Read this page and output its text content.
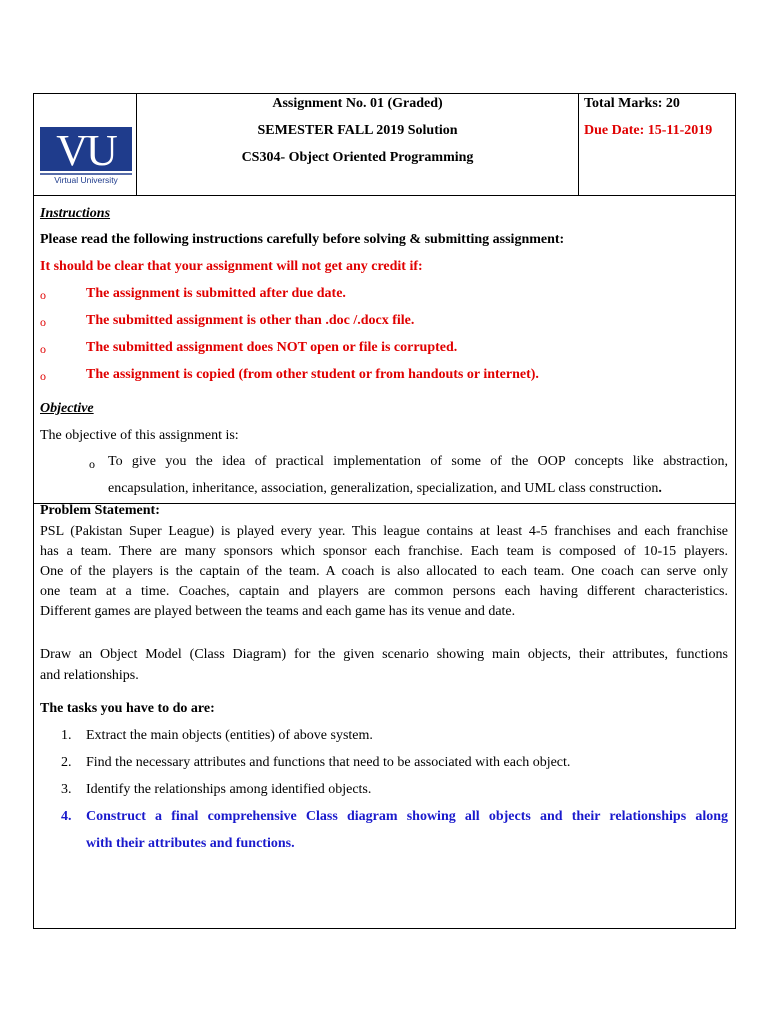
VU
Virtual University
Assignment No. 01 (Graded)
SEMESTER FALL 2019 Solution
CS304- Object Oriented Programming
Total Marks: 20
Due Date: 15-11-2019
Instructions
Please read the following instructions carefully before solving & submitting assignment:
It should be clear that your assignment will not get any credit if:
o	The assignment is submitted after due date.
o	The submitted assignment is other than .doc /.docx file.
o	The submitted assignment does NOT open or file is corrupted.
o	The assignment is copied (from other student or from handouts or internet).
Objective
The objective of this assignment is:
o To give you the idea of practical implementation of some of the OOP concepts like abstraction,
encapsulation, inheritance, association, generalization, specialization, and UML class construction.
Problem Statement:
PSL (Pakistan Super League) is played every year. This league contains at least 4-5 franchises and each franchise
has a team. There are many sponsors which sponsor each franchise. Each team is composed of 10-15 players.
One of the players is the captain of the team. A coach is also allocated to each team. One coach can serve only
one team at a time. Coaches, captain and players are common persons each having different characteristics.
Different games are played between the teams and each game has its venue and date.
Draw an Object Model (Class Diagram) for the given scenario showing main objects, their attributes, functions
and relationships.
The tasks you have to do are:
1. Extract the main objects (entities) of above system.
2. Find the necessary attributes and functions that need to be associated with each object.
3. Identify the relationships among identified objects.
4. Construct a final comprehensive Class diagram showing all objects and their relationships along
with their attributes and functions.
